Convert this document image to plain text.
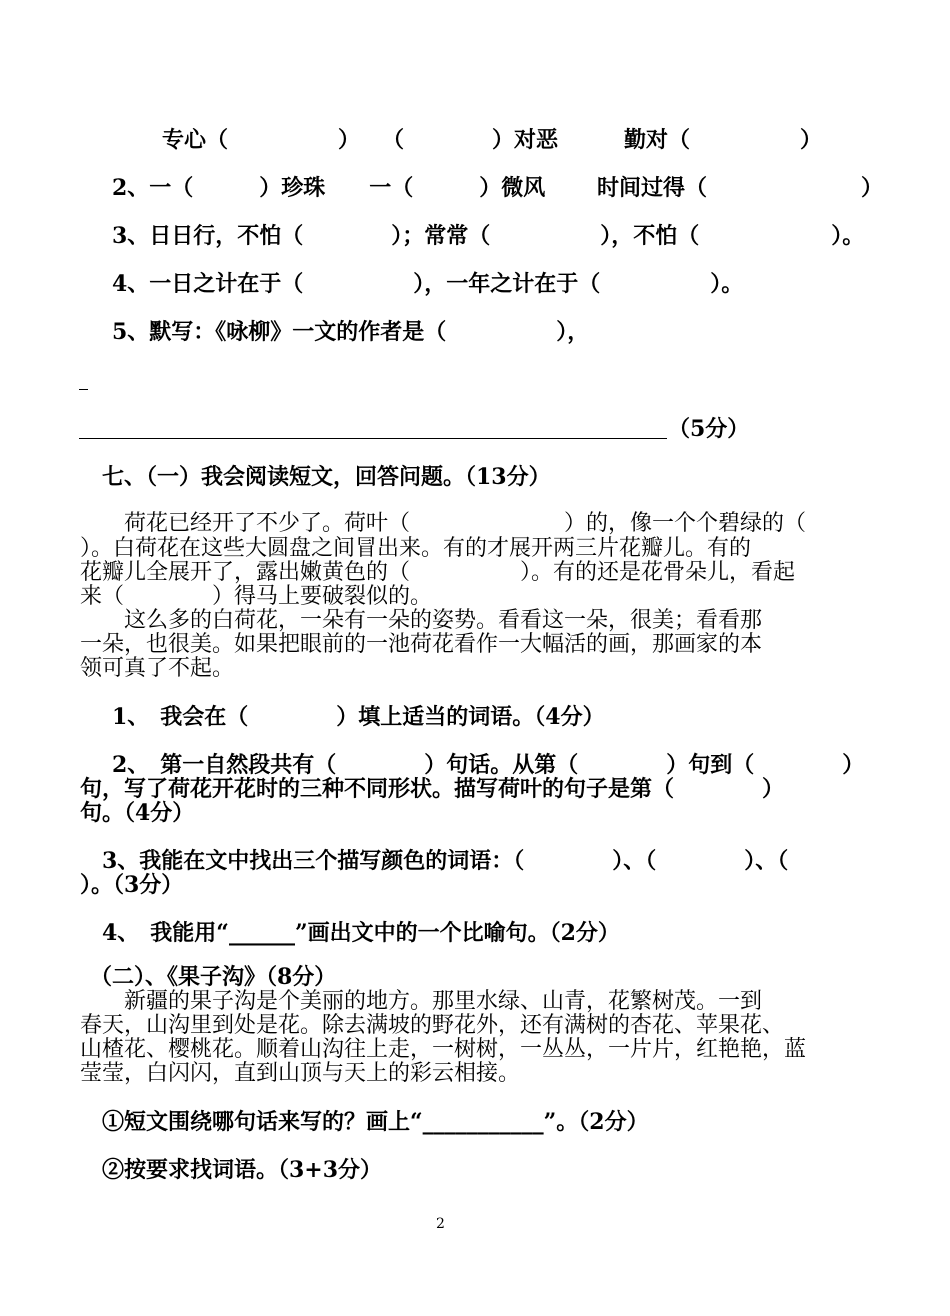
专心（　　　　　）　　（　　　　）对恶　　　勤对（　　　　　）
2、一（　　　）珍珠　　一（　　　）微风　　 时间过得（　　　　　　　）
3、日日行，不怕（　　　　）；常常（　　　　　），不怕（　　　　　　）。
4、一日之计在于（　　　　　），一年之计在于（　　　　　）。
5、默写：《咏柳》一文的作者是（　　　　　），
（5分）
七、（一）我会阅读短文，回答问题。（13分）
　　荷花已经开了不少了。荷叶（　　　　　　　）的，像一个个碧绿的（
）。白荷花在这些大圆盘之间冒出来。有的才展开两三片花瓣儿。有的
花瓣儿全展开了，露出嫩黄色的（　　　　　）。有的还是花骨朵儿，看起
来（　　　　）得马上要破裂似的。
　　这么多的白荷花，一朵有一朵的姿势。看看这一朵，很美；看看那
一朵，也很美。如果把眼前的一池荷花看作一大幅活的画，那画家的本
领可真了不起。
1、　我会在（　　　　）填上适当的词语。（4分）
2、　第一自然段共有（　　　　）句话。从第（　　　　）句到（　　　　）
句，写了荷花开花时的三种不同形状。描写荷叶的句子是第（　　　　）
句。（4分）
3、我能在文中找出三个描写颜色的词语：（　　　　）、（　　　　）、（
）。（3分）
4、　我能用“______”画出文中的一个比喻句。（2分）
（二）、《果子沟》（8分）
　　新疆的果子沟是个美丽的地方。那里水绿、山青，花繁树茂。一到
春天，山沟里到处是花。除去满坡的野花外，还有满树的杏花、苹果花、
山楂花、樱桃花。顺着山沟往上走，一树树，一丛丛，一片片，红艳艳，蓝
莹莹，白闪闪，直到山顶与天上的彩云相接。
①短文围绕哪句话来写的？画上“___________”。（2分）
②按要求找词语。（3+3分）
2
